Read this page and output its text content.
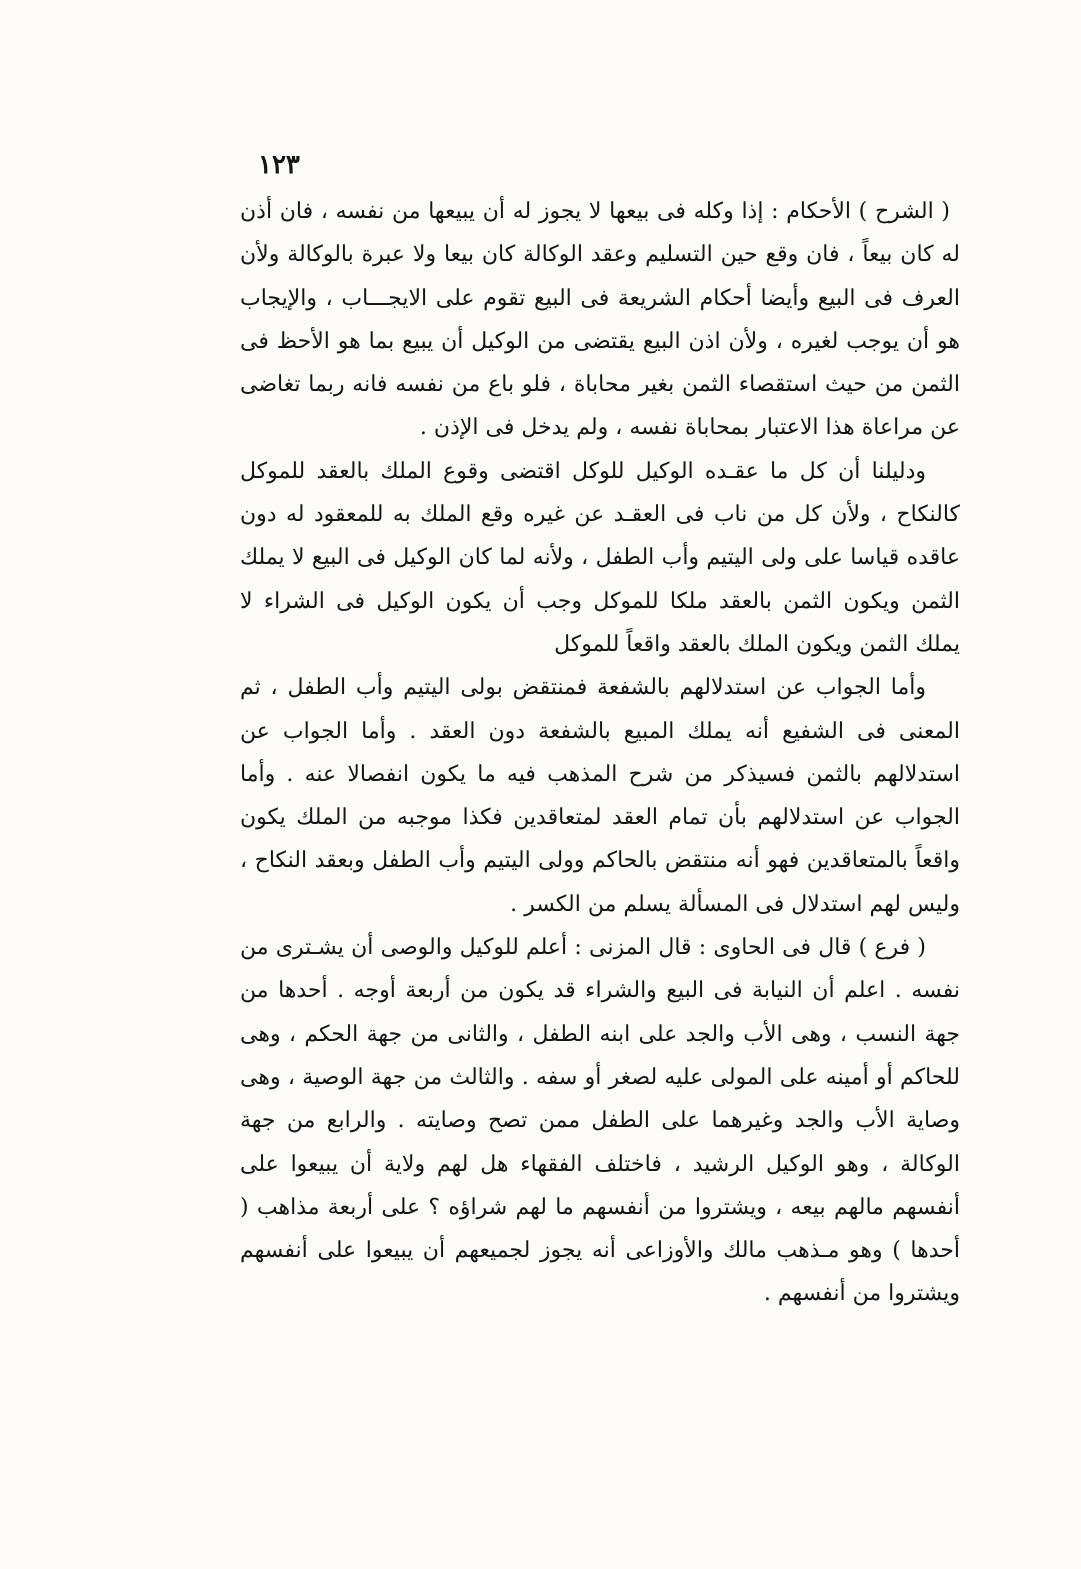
١٢٣

( الشرح ) الأحكام : إذا وكله فى بيعها لا يجوز له أن يبيعها من نفسه ، فان أذن له كان بيعاً ، فان وقع حين التسليم وعقد الوكالة كان بيعا ولا عبرة بالوكالة ولأن العرف فى البيع وأيضا أحكام الشريعة فى البيع تقوم على الايجـــاب ، والإيجاب هو أن يوجب لغيره ، ولأن اذن البيع يقتضى من الوكيل أن يبيع بما هو الأحظ فى الثمن من حيث استقصاء الثمن بغير محاباة ، فلو باع من نفسه فانه ربما تغاضى عن مراعاة هذا الاعتبار بمحاباة نفسه ، ولم يدخل فى الإذن .

ودليلنا أن كل ما عقـده الوكيل للوكل اقتضى وقوع الملك بالعقد للموكل كالنكاح ، ولأن كل من ناب فى العقـد عن غيره وقع الملك به للمعقود له دون عاقده قياسا على ولى اليتيم وأب الطفل ، ولأنه لما كان الوكيل فى البيع لا يملك الثمن ويكون الثمن بالعقد ملكا للموكل وجب أن يكون الوكيل فى الشراء لا يملك الثمن ويكون الملك بالعقد واقعاً للموكل

وأما الجواب عن استدلالهم بالشفعة فمنتقض بولى اليتيم وأب الطفل ، ثم المعنى فى الشفيع أنه يملك المبيع بالشفعة دون العقد . وأما الجواب عن استدلالهم بالثمن فسيذكر من شرح المذهب فيه ما يكون انفصالا عنه . وأما الجواب عن استدلالهم بأن تمام العقد لمتعاقدين فكذا موجبه من الملك يكون واقعاً بالمتعاقدين فهو أنه منتقض بالحاكم وولى اليتيم وأب الطفل وبعقد النكاح ، وليس لهم استدلال فى المسألة يسلم من الكسر .

( فرع ) قال فى الحاوى : قال المزنى : أعلم للوكيل والوصى أن يشـترى من نفسه . اعلم أن النيابة فى البيع والشراء قد يكون من أربعة أوجه . أحدها من جهة النسب ، وهى الأب والجد على ابنه الطفل ، والثانى من جهة الحكم ، وهى للحاكم أو أمينه على المولى عليه لصغر أو سفه . والثالث من جهة الوصية ، وهى وصاية الأب والجد وغيرهما على الطفل ممن تصح وصايته . والرابع من جهة الوكالة ، وهو الوكيل الرشيد ، فاختلف الفقهاء هل لهم ولاية أن يبيعوا على أنفسهم مالهم بيعه ، ويشتروا من أنفسهم ما لهم شراؤه ؟ على أربعة مذاهب ( أحدها ) وهو مـذهب مالك والأوزاعى أنه يجوز لجميعهم أن يبيعوا على أنفسهم ويشتروا من أنفسهم .
